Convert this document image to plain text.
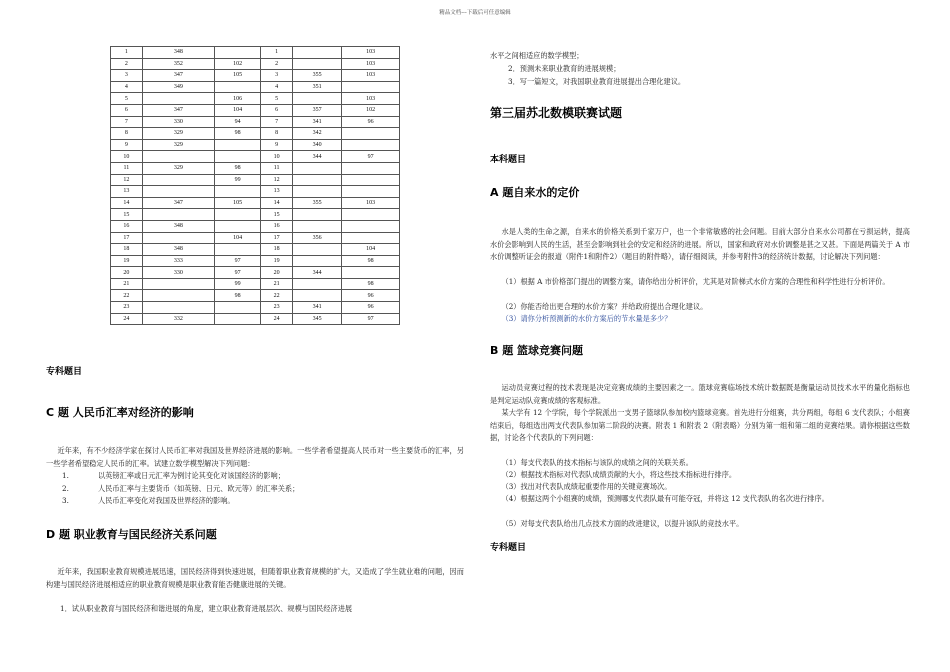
精品文档---下载后可任意编辑
1	348		1		103
2	352	102	2		103
3	347	105	3	355	103
4	349		4	351	
5		106	5		103
6	347	104	6	357	102
7	330	94	7	341	96
8	329	98	8	342	
9	329		9	340	
10			10	344	97
11	329	98	11		
12		99	12		
13			13		
14	347	105	14	355	103
15			15		
16	348		16		
17		104	17	356	
18	348		18		104
19	333	97	19		98
20	330	97	20	344	
21		99	21		98
22		98	22		96
23			23	341	96
24	332		24	345	97
专科题目
C 题 人民币汇率对经济的影响
近年来，有不少经济学家在探讨人民币汇率对我国及世界经济进展的影响。一些学者希望提高人民币对一些主要货币的汇率，另一些学者希望稳定人民币的汇率。试建立数学模型解决下列问题：
1.	以英镑汇率或日元汇率为例讨论其变化对该国经济的影响；
2.	人民币汇率与主要货币（如英镑、日元、欧元等）的汇率关系；
3.	人民币汇率变化对我国及世界经济的影响。
D 题 职业教育与国民经济关系问题
近年来，我国职业教育规模进展迅速，国民经济得到快速进展，但随着职业教育规模的扩大，又造成了学生就业难的问题，因而构建与国民经济进展相适应的职业教育规模是职业教育能否健康进展的关键。
1．试从职业教育与国民经济和谐进展的角度，建立职业教育进展层次、规模与国民经济进展
水平之间相适应的数学模型；
2．预测未来职业教育的进展规模；
3．写一篇短文，对我国职业教育进展提出合理化建议。
第三届苏北数模联赛试题
本科题目
A 题自来水的定价
水是人类的生命之源，自来水的价格关系到千家万户，也一个非常敏感的社会问题。目前大部分自来水公司都在亏损运转，提高水价会影响到人民的生活，甚至会影响到社会的安定和经济的进展。所以，国家和政府对水价调整是甚之又甚。下面是两篇关于 A 市水价调整听证会的报道（附件1和附件2）（题目的附件略），请仔细阅读，并参考附件3的经济统计数据，讨论解决下列问题：
（1）根据 A 市价格部门提出的调整方案，请你给出分析评价，尤其是对阶梯式水价方案的合理性和科学性进行分析评价。
（2）你能否给出更合理的水价方案？并给政府提出合理化建议。
（3）请你分析预测新的水价方案后的节水量是多少？
B 题 篮球竞赛问题
运动员竞赛过程的技术表现是决定竞赛成绩的主要因素之一。篮球竞赛临场技术统计数据既是衡量运动员技术水平的量化指标也是判定运动队竞赛成绩的客观标准。
某大学有 12 个学院，每个学院派出一支男子篮球队参加校内篮球竞赛。首先进行分组赛，共分两组，每组 6 支代表队；小组赛结束后，每组选出两支代表队参加第二阶段的决赛。附表 1 和附表 2（附表略）分别为第一组和第二组的竞赛结果。请你根据这些数据，讨论各个代表队的下列问题：
（1）每支代表队的技术指标与该队的成绩之间的关联关系。
（2）根据技术指标对代表队成绩贡献的大小，将这些技术指标进行排序。
（3）找出对代表队成绩起重要作用的关键竞赛场次。
（4）根据这两个小组赛的成绩，预测哪支代表队最有可能夺冠，并将这 12 支代表队的名次进行排序。
（5）对每支代表队给出几点技术方面的改进建议，以提升该队的竞技水平。
专科题目
